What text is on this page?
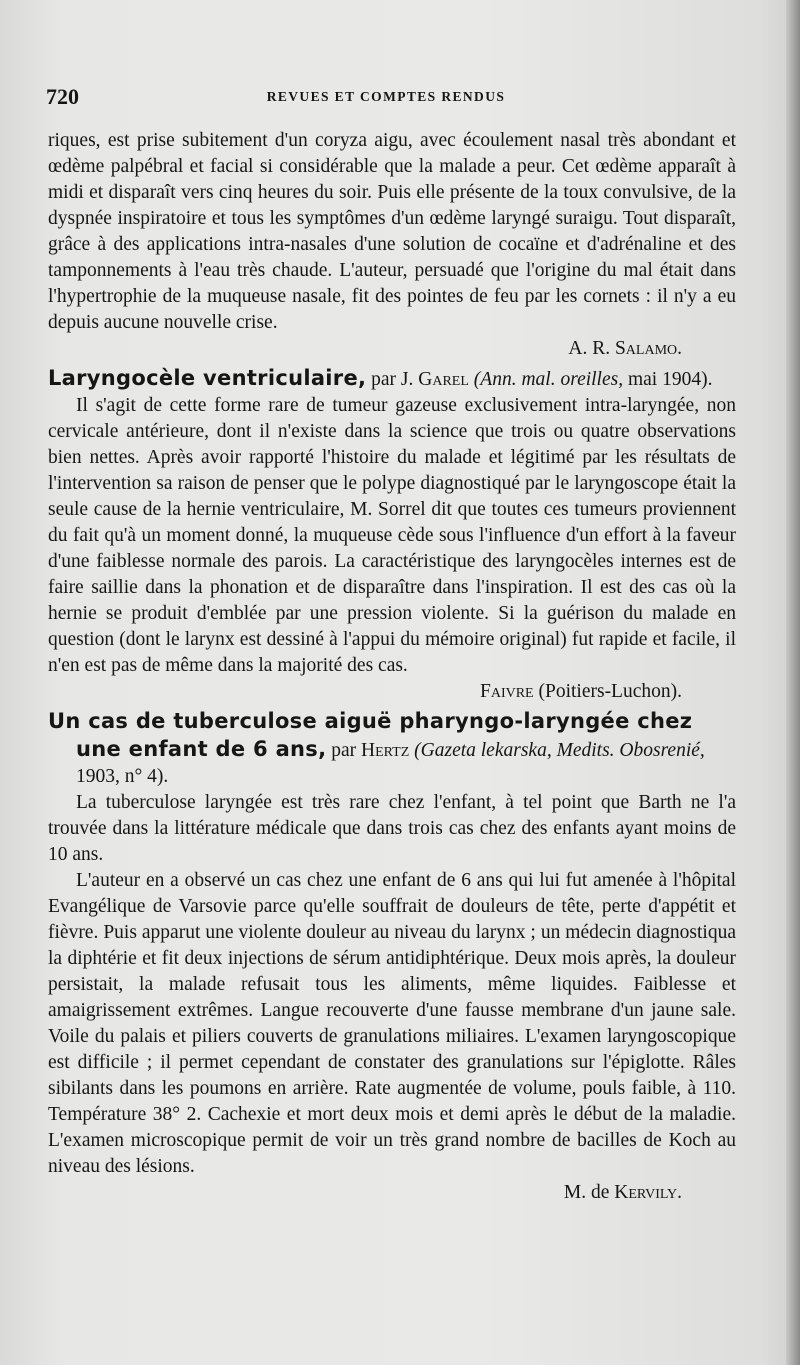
720	REVUES ET COMPTES RENDUS

riques, est prise subitement d'un coryza aigu, avec écoulement nasal très abondant et œdème palpébral et facial si considérable que la malade a peur. Cet œdème apparaît à midi et disparaît vers cinq heures du soir. Puis elle présente de la toux convulsive, de la dyspnée inspiratoire et tous les symptômes d'un œdème laryngé suraigu. Tout disparaît, grâce à des applications intra-nasales d'une solution de cocaïne et d'adrénaline et des tamponnements à l'eau très chaude. L'auteur, persuadé que l'origine du mal était dans l'hypertrophie de la muqueuse nasale, fit des pointes de feu par les cornets : il n'y a eu depuis aucune nouvelle crise.

A. R. Salamo.

Laryngocèle ventriculaire, par J. Garel (Ann. mal. oreilles, mai 1904).

Il s'agit de cette forme rare de tumeur gazeuse exclusivement intra-laryngée, non cervicale antérieure, dont il n'existe dans la science que trois ou quatre observations bien nettes. Après avoir rapporté l'histoire du malade et légitimé par les résultats de l'intervention sa raison de penser que le polype diagnostiqué par le laryngoscope était la seule cause de la hernie ventriculaire, M. Sorrel dit que toutes ces tumeurs proviennent du fait qu'à un moment donné, la muqueuse cède sous l'influence d'un effort à la faveur d'une faiblesse normale des parois. La caractéristique des laryngocèles internes est de faire saillie dans la phonation et de disparaître dans l'inspiration. Il est des cas où la hernie se produit d'emblée par une pression violente. Si la guérison du malade en question (dont le larynx est dessiné à l'appui du mémoire original) fut rapide et facile, il n'en est pas de même dans la majorité des cas.

Faivre (Poitiers-Luchon).

Un cas de tuberculose aiguë pharyngo-laryngée chez une enfant de 6 ans, par Hertz (Gazeta lekarska, Medits. Obosrenié, 1903, n° 4).

La tuberculose laryngée est très rare chez l'enfant, à tel point que Barth ne l'a trouvée dans la littérature médicale que dans trois cas chez des enfants ayant moins de 10 ans.

L'auteur en a observé un cas chez une enfant de 6 ans qui lui fut amenée à l'hôpital Evangélique de Varsovie parce qu'elle souffrait de douleurs de tête, perte d'appétit et fièvre. Puis apparut une violente douleur au niveau du larynx ; un médecin diagnostiqua la diphtérie et fit deux injections de sérum antidiphtérique. Deux mois après, la douleur persistait, la malade refusait tous les aliments, même liquides. Faiblesse et amaigrissement extrêmes. Langue recouverte d'une fausse membrane d'un jaune sale. Voile du palais et piliers couverts de granulations miliaires. L'examen laryngoscopique est difficile ; il permet cependant de constater des granulations sur l'épiglotte. Râles sibilants dans les poumons en arrière. Rate augmentée de volume, pouls faible, à 110. Température 38° 2. Cachexie et mort deux mois et demi après le début de la maladie. L'examen microscopique permit de voir un très grand nombre de bacilles de Koch au niveau des lésions.

M. de Kervily.
